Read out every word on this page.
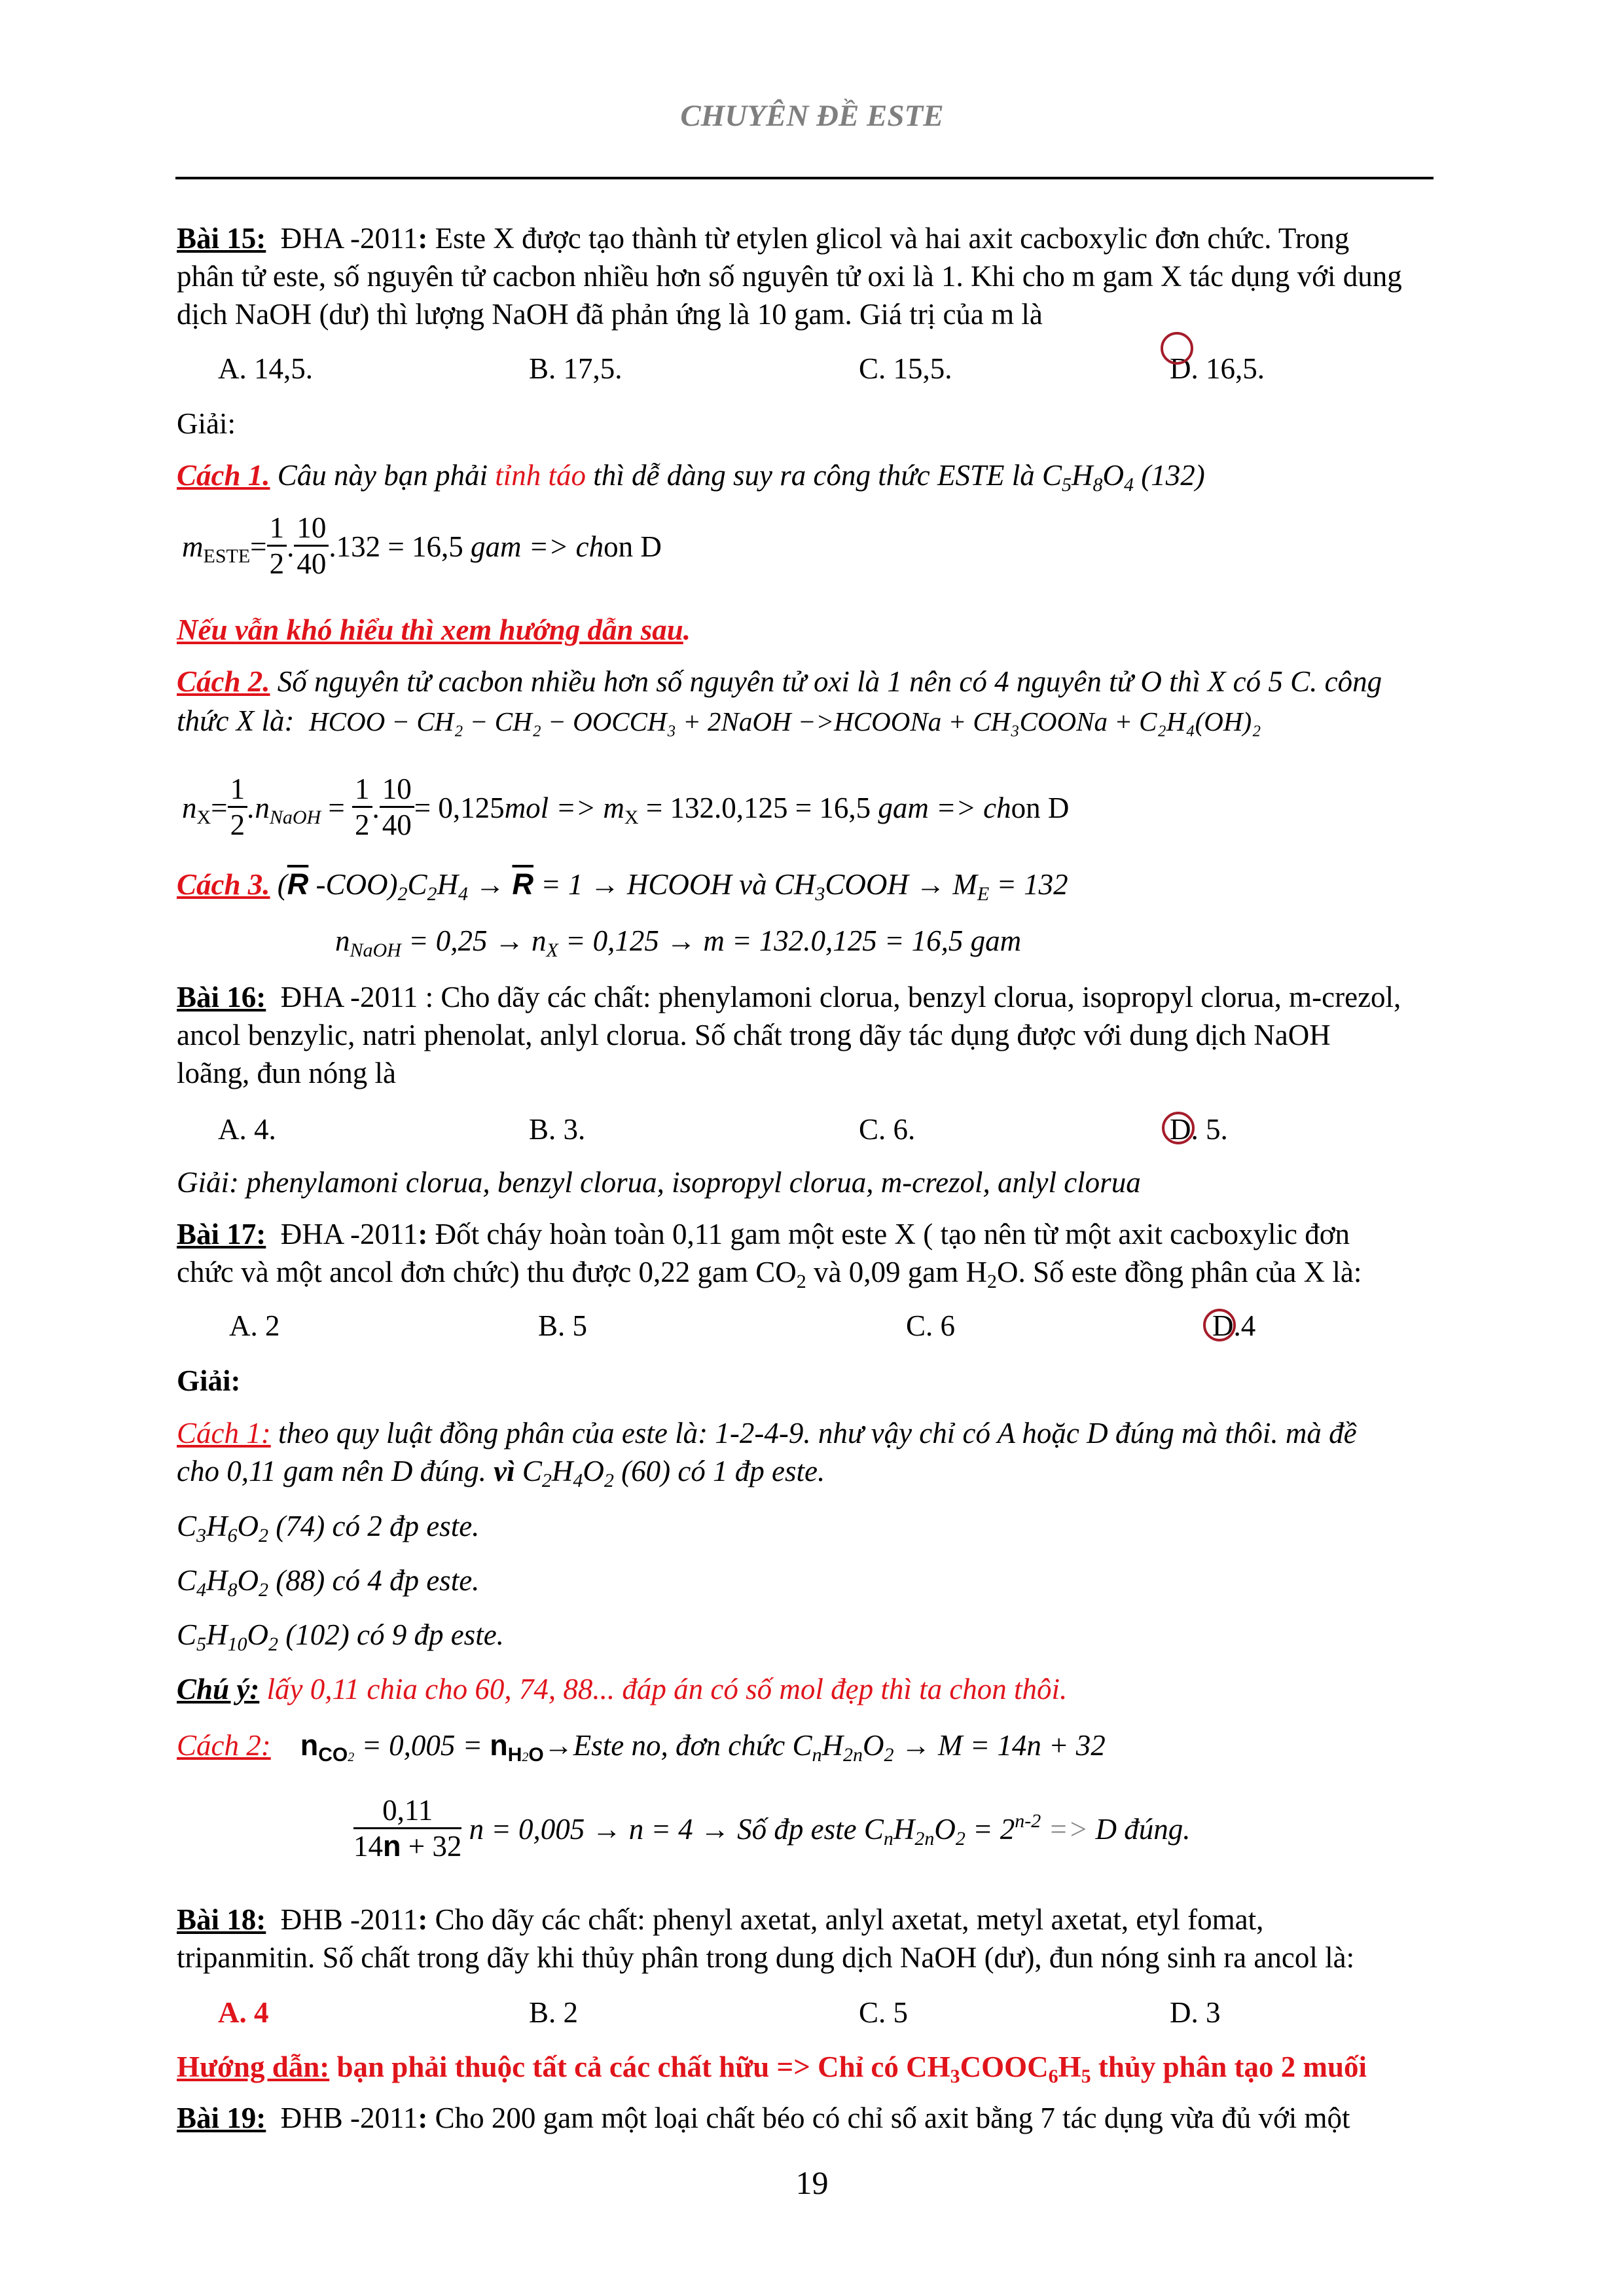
CHUYÊN ĐỀ ESTE
Bài 15: ĐHA -2011: Este X được tạo thành từ etylen glicol và hai axit cacboxylic đơn chức. Trong
phân tử este, số nguyên tử cacbon nhiều hơn số nguyên tử oxi là 1. Khi cho m gam X tác dụng với dung
dịch NaOH (dư) thì lượng NaOH đã phản ứng là 10 gam. Giá trị của m là
A. 14,5.	B. 17,5.	C. 15,5.	D. 16,5.
Giải:
Cách 1. Câu này bạn phải tỉnh táo thì dễ dàng suy ra công thức ESTE là $C_5H_8O_4$ (132)
$m_{ESTE}= \frac{1}{2}$ . $\frac{10}{40} .132 = 16,5$ gam => chon D
Nếu vẫn khó hiểu thì xem hướng dẫn sau.
Cách 2. Số nguyên tử cacbon nhiều hơn số nguyên tử oxi là 1 nên có 4 nguyên tử O thì X có 5 C. công
thức X là: HCOO − CH₂ − CH₂ − OOCCH₃ + 2NaOH −>HCOONa + CH₃COONa + C₂H₄(OH)₂
$n_X= \frac{1}{2} .n_{NaOH} = \frac{1}{2}$ . $\frac{10}{40} = 0,125mol => m_X = 132.0,125 = 16,5$ gam => chon D
Cách 3. ($\overline{R}$ $-COO)_2C_2H_4 \to \overline{R} = 1$ → HCOOH và $CH_3COOH \to M_E = 132$
$n_{NaOH} = 0,25 \to n_X = 0,125 \to m = 132.0,125 = 16,5$ gam
Bài 16: ĐHA -2011 : Cho dãy các chất: phenylamoni clorua, benzyl clorua, isopropyl clorua, m-crezol,
ancol benzylic, natri phenolat, anlyl clorua. Số chất trong dãy tác dụng được với dung dịch NaOH
loãng, đun nóng là
A. 4.	B. 3.	C. 6.	D. 5.
Giải: phenylamoni clorua, benzyl clorua, isopropyl clorua, m-crezol, anlyl clorua
Bài 17: ĐHA -2011: Đốt cháy hoàn toàn 0,11 gam một este X ( tạo nên từ một axit cacboxylic đơn
chức và một ancol đơn chức) thu được 0,22 gam $CO_2$ và 0,09 gam $H_2O$. Số este đồng phân của X là:
A. 2	B. 5	C. 6	D.4
Giải:
Cách 1: theo quy luật đồng phân của este là: 1-2-4-9. như vậy chỉ có A hoặc D đúng mà thôi. mà đề
cho 0,11 gam nên D đúng. vì $C_2H_4O_2$ (60) có 1 đp este.
$C_3H_6O_2$ (74) có 2 đp este.
$C_4H_8O_2$ (88) có 4 đp este.
$C_5H_{10}O_2$ (102) có 9 đp este.
Chú ý: lấy 0,11 chia cho 60, 74, 88... đáp án có số mol đẹp thì ta chon thôi.
Cách 2: $n_{CO2} = 0,005$ = $n_{H2O}\to Este$ no, đơn chức $C_nH_{2n}O_2 \to M = 14n + 32$
$\frac{0,11}{14n + 32}$ n = 0,005 → n = 4 → Số đp este $C_nH_{2n}O_2 = 2^{n-2} => D$ đúng.
Bài 18: ĐHB -2011: Cho dãy các chất: phenyl axetat, anlyl axetat, metyl axetat, etyl fomat,
tripanmitin. Số chất trong dãy khi thủy phân trong dung dịch NaOH (dư), đun nóng sinh ra ancol là:
A. 4	B. 2	C. 5	D. 3
Hướng dẫn: bạn phải thuộc tất cả các chất hữu => Chỉ có $CH_3COOC_6H_5$ thủy phân tạo 2 muối
Bài 19: ĐHB -2011: Cho 200 gam một loại chất béo có chỉ số axit bằng 7 tác dụng vừa đủ với một
19
